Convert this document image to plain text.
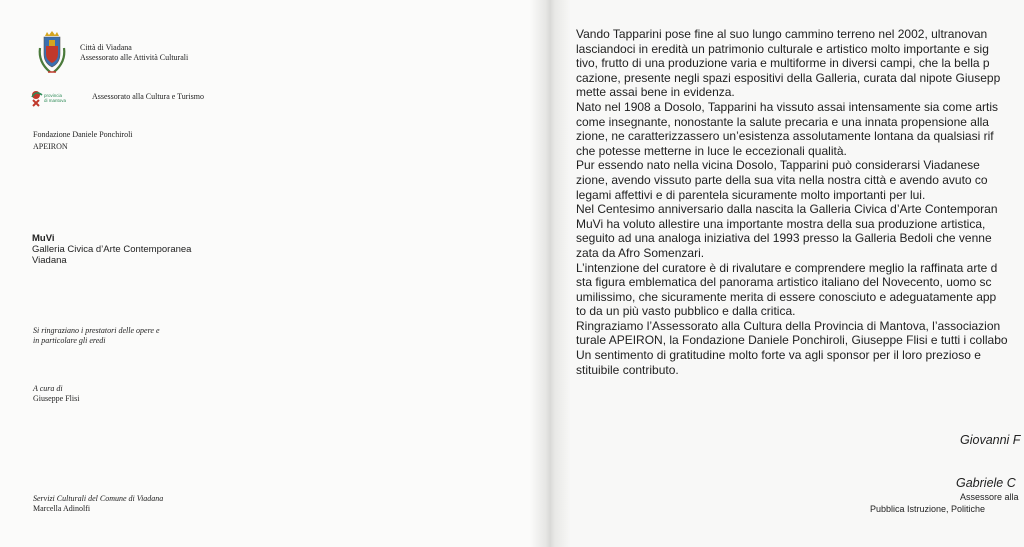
Città di Viadana
Assessorato alle Attività Culturali
provincia
di mantova	Assessorato alla Cultura e Turismo
Fondazione Daniele Ponchiroli
APEIRON
MuVi
Galleria Civica d’Arte Contemporanea
Viadana
Si ringraziano i prestatori delle opere e
in particolare gli eredi
A cura di
Giuseppe Flisi
Servizi Culturali del Comune di Viadana
Marcella Adinolfi

Vando Tapparini pose fine al suo lungo cammino terreno nel 2002, ultranovan

lasciandoci in eredità un patrimonio culturale e artistico molto importante e sig

tivo, frutto di una produzione varia e multiforme in diversi campi, che la bella p

cazione, presente negli spazi espositivi della Galleria, curata dal nipote Giusepp

mette assai bene in evidenza.

Nato nel 1908 a Dosolo, Tapparini ha vissuto assai intensamente sia come artis

come insegnante, nonostante la salute precaria e una innata propensione alla

zione, ne caratterizzassero un’esistenza assolutamente lontana da qualsiasi rif

che potesse metterne in luce le eccezionali qualità.

Pur essendo nato nella vicina Dosolo, Tapparini può considerarsi Viadanese

zione, avendo vissuto parte della sua vita nella nostra città e avendo avuto co

legami affettivi e di parentela sicuramente molto importanti per lui.

Nel Centesimo anniversario dalla nascita la Galleria Civica d’Arte Contemporan

MuVi ha voluto allestire una importante mostra della sua produzione artistica,

seguito ad una analoga iniziativa del 1993 presso la Galleria Bedoli che venne

zata da Afro Somenzari.

L’intenzione del curatore è di rivalutare e comprendere meglio la raffinata arte d

sta figura emblematica del panorama artistico italiano del Novecento, uomo sc

umilissimo, che sicuramente merita di essere conosciuto e adeguatamente app

to da un più vasto pubblico e dalla critica.

Ringraziamo l’Assessorato alla Cultura della Provincia di Mantova, l’associazion

turale APEIRON, la Fondazione Daniele Ponchiroli, Giuseppe Flisi e tutti i collabo

Un sentimento di gratitudine molto forte va agli sponsor per il loro prezioso e

stituibile contributo.

Giovanni F
Gabriele C
Assessore alla
Pubblica Istruzione, Politiche
